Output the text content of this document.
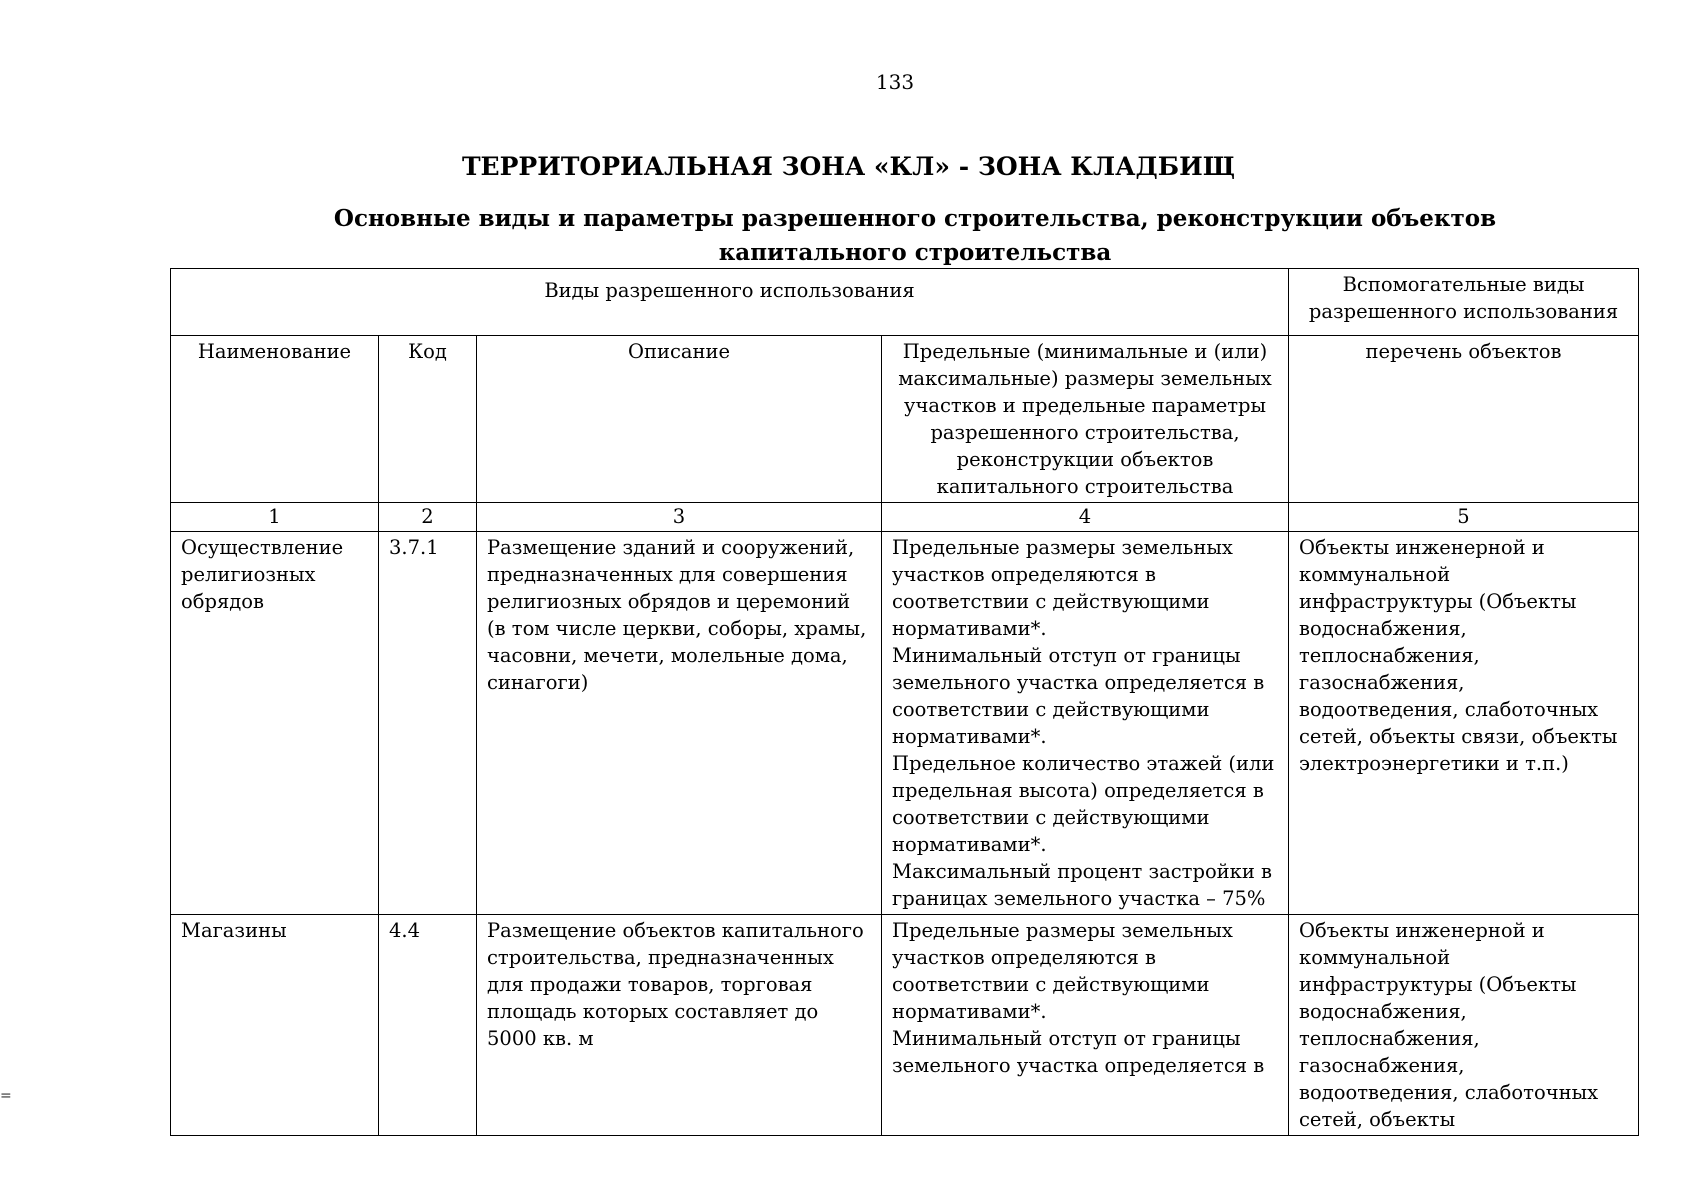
133
ТЕРРИТОРИАЛЬНАЯ ЗОНА «КЛ» - ЗОНА КЛАДБИЩ
Основные виды и параметры разрешенного строительства, реконструкции объектов капитального строительства
Виды разрешенного использования				Вспомогательные виды разрешенного использования
Наименование	Код	Описание	Предельные (минимальные и (или) максимальные) размеры земельных участков и предельные параметры разрешенного строительства, реконструкции объектов капитального строительства	перечень объектов
1	2	3	4	5
Осуществление религиозных обрядов	3.7.1	Размещение зданий и сооружений, предназначенных для совершения религиозных обрядов и церемоний (в том числе церкви, соборы, храмы, часовни, мечети, молельные дома, синагоги)	Предельные размеры земельных участков определяются в соответствии с действующими нормативами*.
Минимальный отступ от границы земельного участка определяется в соответствии с действующими нормативами*.
Предельное количество этажей (или предельная высота) определяется в соответствии с действующими нормативами*.
Максимальный процент застройки в границах земельного участка – 75%	Объекты инженерной и коммунальной инфраструктуры (Объекты водоснабжения, теплоснабжения, газоснабжения, водоотведения, слаботочных сетей, объекты связи, объекты электроэнергетики и т.п.)
Магазины	4.4	Размещение объектов капитального строительства, предназначенных для продажи товаров, торговая площадь которых составляет до 5000 кв. м	Предельные размеры земельных участков определяются в соответствии с действующими нормативами*.
Минимальный отступ от границы земельного участка определяется в	Объекты инженерной и коммунальной инфраструктуры (Объекты водоснабжения, теплоснабжения, газоснабжения, водоотведения, слаботочных сетей, объекты
=
